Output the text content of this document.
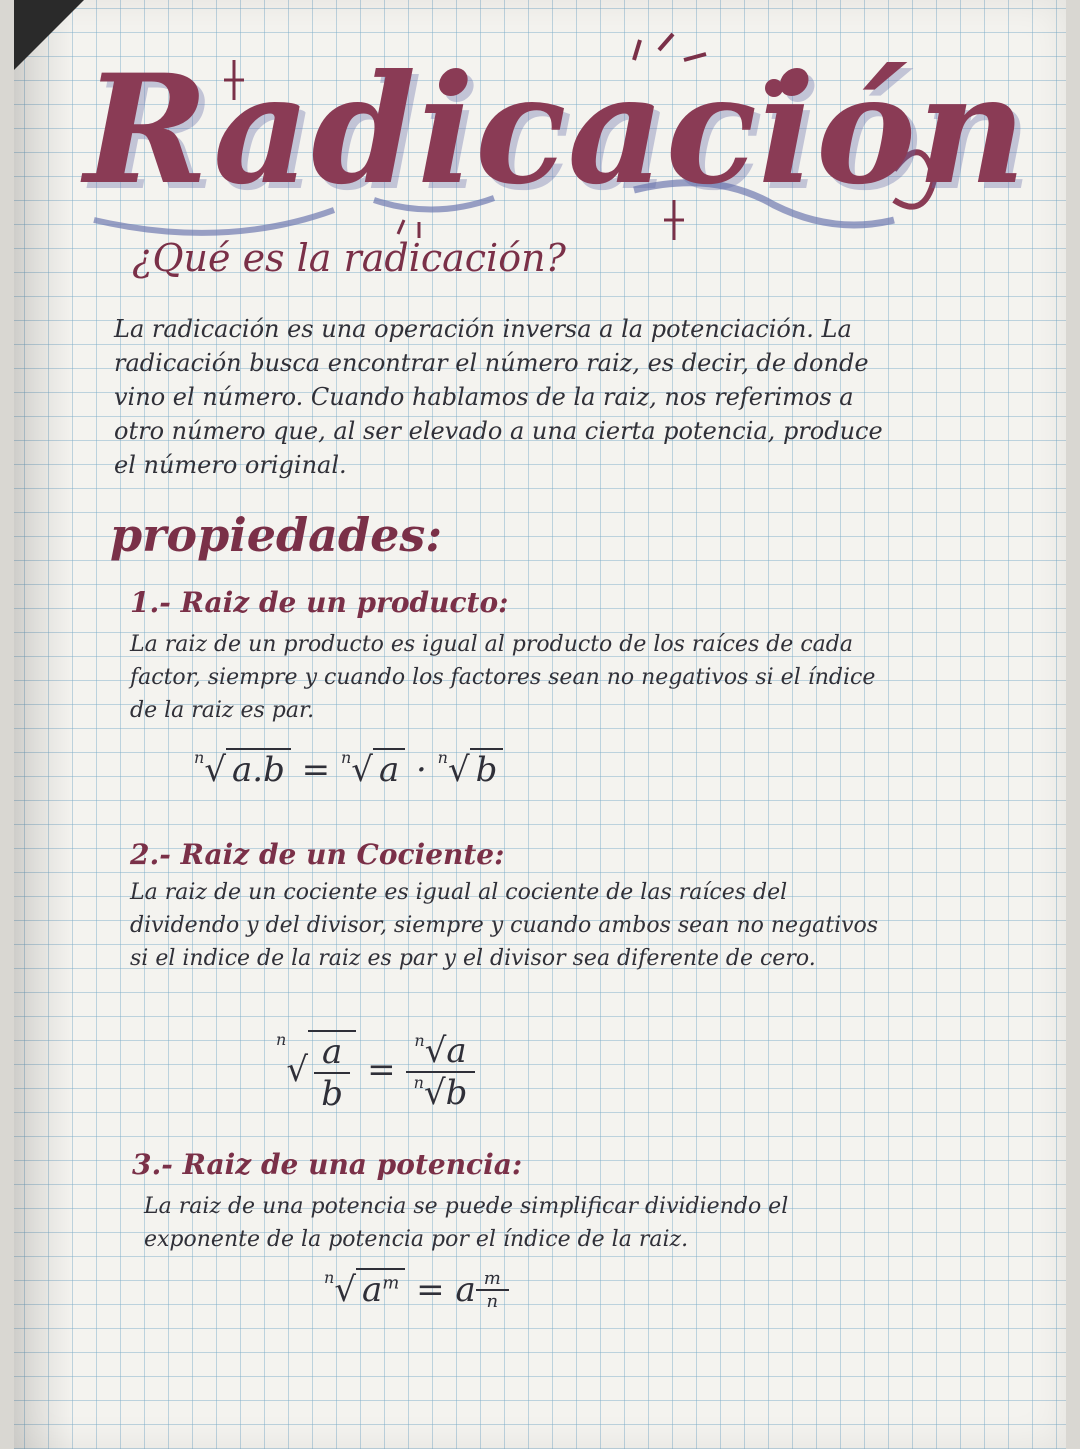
Radicación
¿Qué es la radicación?
La radicación es una operación inversa a la potenciación. La radicación busca encontrar el número raiz, es decir, de donde vino el número. Cuando hablamos de la raiz, nos referimos a otro número que, al ser elevado a una cierta potencia, produce el número original.
propiedades:
1.- Raiz de un producto:
La raiz de un producto es igual al producto de los raíces de cada factor, siempre y cuando los factores sean no negativos si el índice de la raiz es par.
$^n$√ a.b = $^n$√ a · $^n$√ b
2.- Raiz de un Cociente:
La raiz de un cociente es igual al cociente de las raíces del dividendo y del divisor, siempre y cuando ambos sean no negativos si el indice de la raiz es par y el divisor sea diferente de cero.
$^n√ \frac{a}{b} = \frac{^n√a}{^n√b}$
3.- Raiz de una potencia:
La raiz de una potencia se puede simplificar dividiendo el exponente de la potencia por el índice de la raiz.
$^n$√ $a^m = a \frac{m}{n}$
